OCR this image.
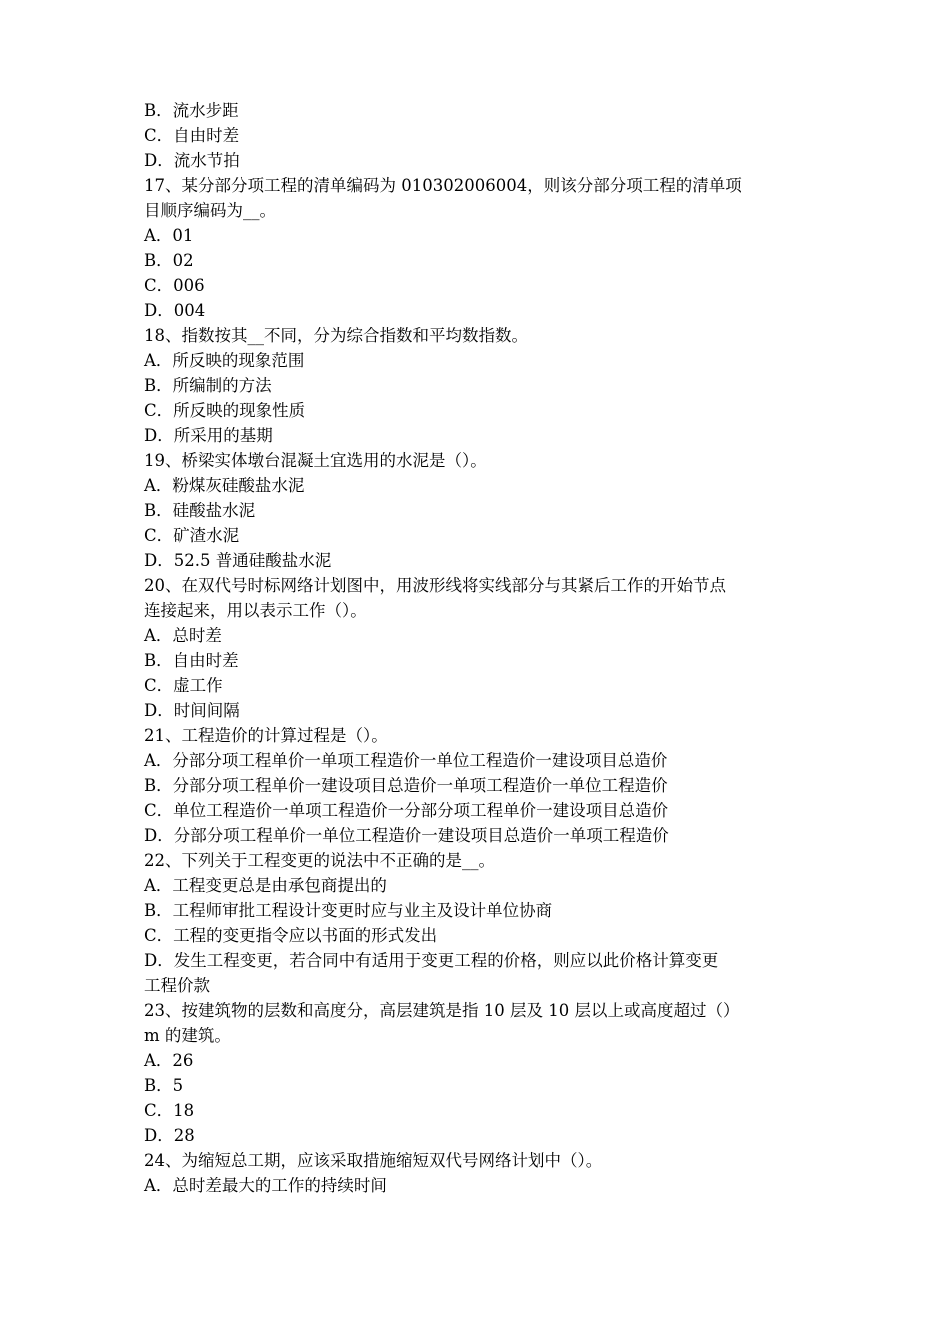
B．流水步距
C．自由时差
D．流水节拍
17、某分部分项工程的清单编码为 010302006004，则该分部分项工程的清单项
目顺序编码为__。
A．01
B．02
C．006
D．004
18、指数按其__不同，分为综合指数和平均数指数。
A．所反映的现象范围
B．所编制的方法
C．所反映的现象性质
D．所采用的基期
19、桥梁实体墩台混凝土宜选用的水泥是（）。
A．粉煤灰硅酸盐水泥
B．硅酸盐水泥
C．矿渣水泥
D．52.5 普通硅酸盐水泥
20、在双代号时标网络计划图中，用波形线将实线部分与其紧后工作的开始节点
连接起来，用以表示工作（）。
A．总时差
B．自由时差
C．虚工作
D．时间间隔
21、工程造价的计算过程是（）。
A．分部分项工程单价一单项工程造价一单位工程造价一建设项目总造价
B．分部分项工程单价一建设项目总造价一单项工程造价一单位工程造价
C．单位工程造价一单项工程造价一分部分项工程单价一建设项目总造价
D．分部分项工程单价一单位工程造价一建设项目总造价一单项工程造价
22、下列关于工程变更的说法中不正确的是__。
A．工程变更总是由承包商提出的
B．工程师审批工程设计变更时应与业主及设计单位协商
C．工程的变更指令应以书面的形式发出
D．发生工程变更，若合同中有适用于变更工程的价格，则应以此价格计算变更
工程价款
23、按建筑物的层数和高度分，高层建筑是指 10 层及 10 层以上或高度超过（）
m 的建筑。
A．26
B．5
C．18
D．28
24、为缩短总工期，应该采取措施缩短双代号网络计划中（）。
A．总时差最大的工作的持续时间
